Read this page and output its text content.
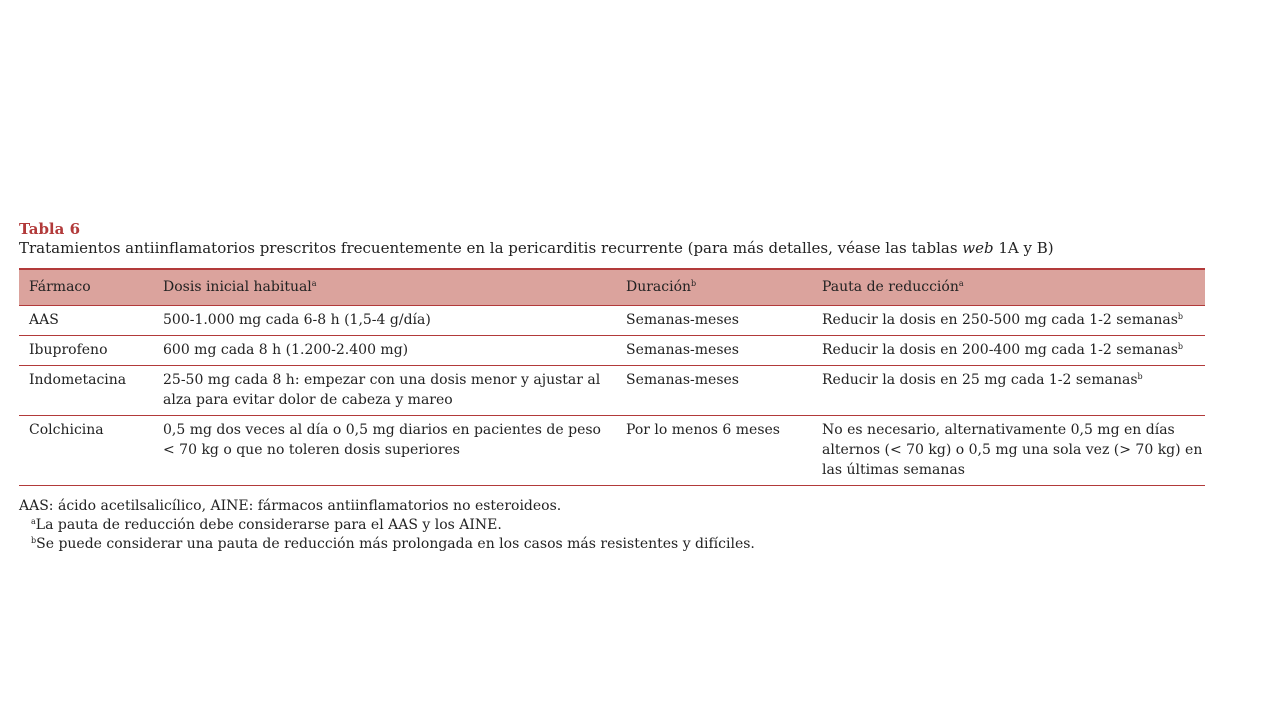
Tabla 6

Tratamientos antiinflamatorios prescritos frecuentemente en la pericarditis recurrente (para más detalles, véase las tablas web 1A y B)

Fármaco	Dosis inicial habitual$^a$	Duración$^b$	Pauta de reducción$^a$
AAS	500-1.000 mg cada 6-8 h (1,5-4 g/día)	Semanas-meses	Reducir la dosis en 250-500 mg cada 1-2 semanas$^b$
Ibuprofeno	600 mg cada 8 h (1.200-2.400 mg)	Semanas-meses	Reducir la dosis en 200-400 mg cada 1-2 semanas$^b$
Indometacina	25-50 mg cada 8 h: empezar con una dosis menor y ajustar al alza para evitar dolor de cabeza y mareo	Semanas-meses	Reducir la dosis en 25 mg cada 1-2 semanas$^b$
Colchicina	0,5 mg dos veces al día o 0,5 mg diarios en pacientes de peso < 70 kg o que no toleren dosis superiores	Por lo menos 6 meses	No es necesario, alternativamente 0,5 mg en días alternos (< 70 kg) o 0,5 mg una sola vez (> 70 kg) en las últimas semanas

AAS: ácido acetilsalicílico, AINE: fármacos antiinflamatorios no esteroideos.

$^a$La pauta de reducción debe considerarse para el AAS y los AINE.

$^b$Se puede considerar una pauta de reducción más prolongada en los casos más resistentes y difíciles.
